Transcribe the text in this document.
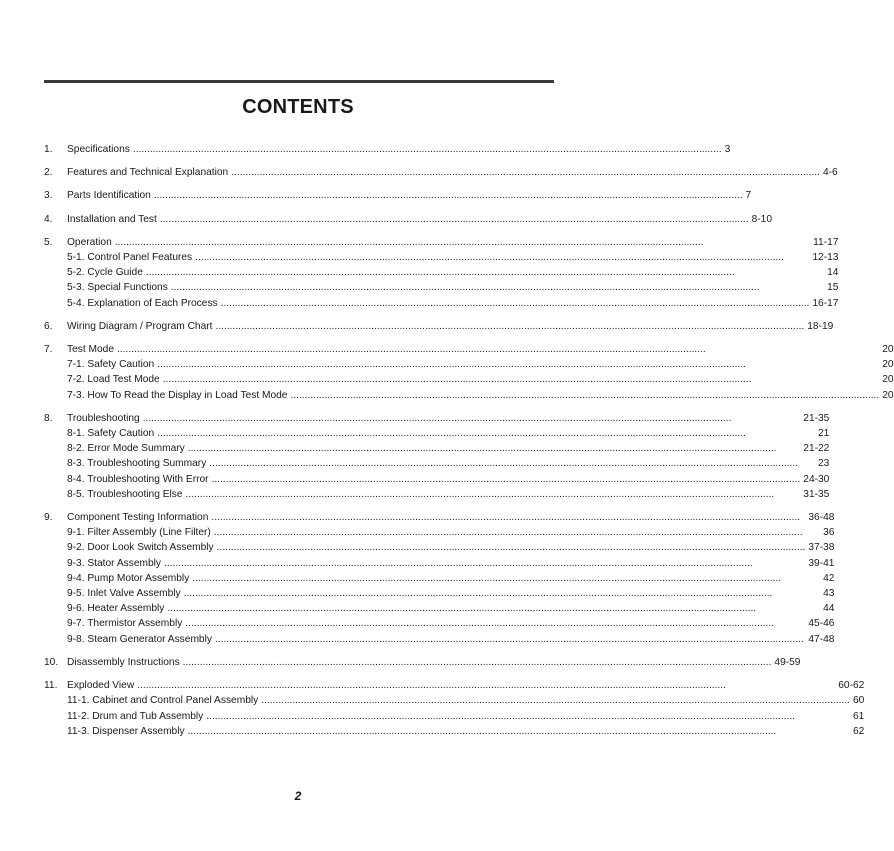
CONTENTS
1.	Specifications .....	3
2.	Features and Technical Explanation .....	4-6
3.	Parts Identification .....	7
4.	Installation and Test .....	8-10
5.	Operation .....	11-17
5-1. Control Panel Features .....	12-13
5-2. Cycle Guide .....	14
5-3. Special Functions .....	15
5-4. Explanation of Each Process .....	16-17
6.	Wiring Diagram / Program Chart .....	18-19
7.	Test Mode .....	20
7-1. Safety Caution .....	20
7-2. Load Test Mode .....	20
7-3. How To Read the Display in Load Test Mode .....	20
8.	Troubleshooting .....	21-35
8-1. Safety Caution .....	21
8-2. Error Mode Summary .....	21-22
8-3. Troubleshooting Summary .....	23
8-4. Troubleshooting With Error .....	24-30
8-5. Troubleshooting Else .....	31-35
9.	Component Testing Information .....	36-48
9-1. Filter Assembly (Line Filter) .....	36
9-2. Door Look Switch Assembly .....	37-38
9-3. Stator Assembly .....	39-41
9-4. Pump Motor Assembly .....	42
9-5. Inlet Valve Assembly .....	43
9-6. Heater Assembly .....	44
9-7. Thermistor Assembly .....	45-46
9-8. Steam Generator Assembly .....	47-48
10. Disassembly Instructions .....	49-59
11. Exploded View .....	60-62
11-1. Cabinet and Control Panel Assembly .....	60
11-2. Drum and Tub Assembly .....	61
11-3. Dispenser Assembly .....	62
2
